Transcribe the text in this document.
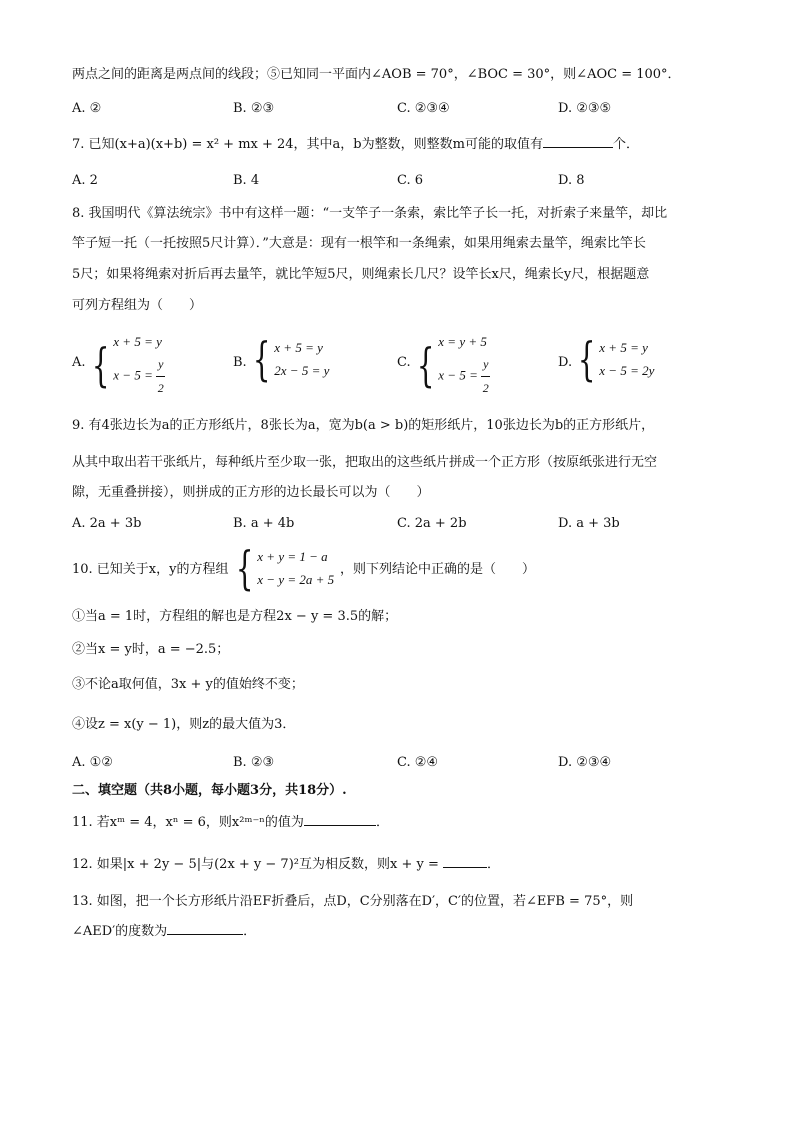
两点之间的距离是两点间的线段；⑤已知同一平面内∠AOB = 70°，∠BOC = 30°，则∠AOC = 100°．
A. ②	B. ②③	C. ②③④	D. ②③⑤
7. 已知(x+a)(x+b) = x² + mx + 24，其中a，b为整数，则整数m可能的取值有	个．
A. 2	B. 4	C. 6	D. 8
8. 我国明代《算法统宗》书中有这样一题：“一支竿子一条索，索比竿子长一托，对折索子来量竿，却比
竿子短一托（一托按照5尺计算）．”大意是：现有一根竿和一条绳索，如果用绳索去量竿，绳索比竿长
5尺；如果将绳索对折后再去量竿，就比竿短5尺，则绳索长几尺？设竿长x尺，绳索长y尺，根据题意
可列方程组为（　　）
A. { x + 5 = y
$x - 5 = \frac{y}{2}$	B. { x + 5 = y
2x − 5 = y
C. { x = y + 5
$x - 5 = \frac{y}{2}$	D. { x + 5 = y
x − 5 = 2y
9. 有4张边长为a的正方形纸片，8张长为a，宽为b(a > b)的矩形纸片，10张边长为b的正方形纸片，
从其中取出若干张纸片，每种纸片至少取一张，把取出的这些纸片拼成一个正方形（按原纸张进行无空
隙，无重叠拼接），则拼成的正方形的边长最长可以为（　　）
A. 2a + 3b	B. a + 4b	C. 2a + 2b	D. a + 3b
10. 已知关于x，y的方程组 { x + y = 1 − a
x − y = 2a + 5
，则下列结论中正确的是（　　）
①当a = 1时，方程组的解也是方程2x − y = 3.5的解；
②当x = y时，a = −2.5；
③不论a取何值，3x + y的值始终不变；
④设z = x(y − 1)，则z的最大值为3．
A. ①②	B. ②③	C. ②④	D. ②③④
二、填空题（共8小题，每小题3分，共18分）.
11. 若xᵐ = 4，xⁿ = 6，则x²ᵐ⁻ⁿ的值为	．
12. 如果|x + 2y − 5|与(2x + y − 7)²互为相反数，则x + y =	．
13. 如图，把一个长方形纸片沿EF折叠后，点D，C分别落在D′，C′的位置，若∠EFB = 75°，则
∠AED′的度数为	．
